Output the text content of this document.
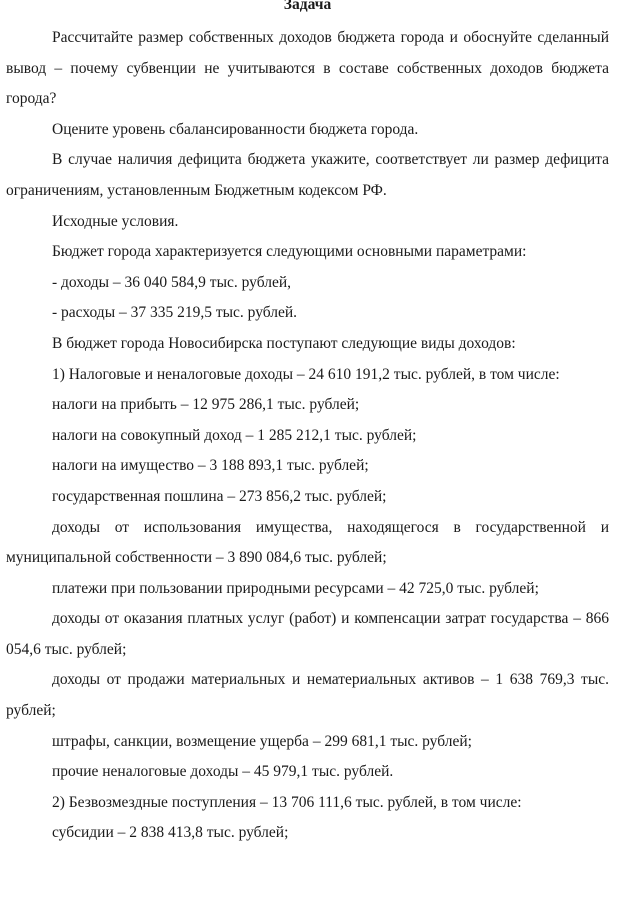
Задача

Рассчитайте размер собственных доходов бюджета города и обоснуйте сделанный вывод – почему субвенции не учитываются в составе собственных доходов бюджета города?

Оцените уровень сбалансированности бюджета города.

В случае наличия дефицита бюджета укажите, соответствует ли размер дефицита ограничениям, установленным Бюджетным кодексом РФ.

Исходные условия.

Бюджет города характеризуется следующими основными параметрами:

- доходы – 36 040 584,9 тыс. рублей,

- расходы – 37 335 219,5 тыс. рублей.

В бюджет города Новосибирска поступают следующие виды доходов:

1) Налоговые и неналоговые доходы – 24 610 191,2 тыс. рублей, в том числе:

налоги на прибыть – 12 975 286,1 тыс. рублей;

налоги на совокупный доход – 1 285 212,1 тыс. рублей;

налоги на имущество – 3 188 893,1 тыс. рублей;

государственная пошлина – 273 856,2 тыс. рублей;

доходы от использования имущества, находящегося в государственной и муниципальной собственности – 3 890 084,6 тыс. рублей;

платежи при пользовании природными ресурсами – 42 725,0 тыс. рублей;

доходы от оказания платных услуг (работ) и компенсации затрат государства – 866 054,6 тыс. рублей;

доходы от продажи материальных и нематериальных активов – 1 638 769,3 тыс. рублей;

штрафы, санкции, возмещение ущерба – 299 681,1 тыс. рублей;

прочие неналоговые доходы – 45 979,1 тыс. рублей.

2) Безвозмездные поступления – 13 706 111,6 тыс. рублей, в том числе:

субсидии – 2 838 413,8 тыс. рублей;
